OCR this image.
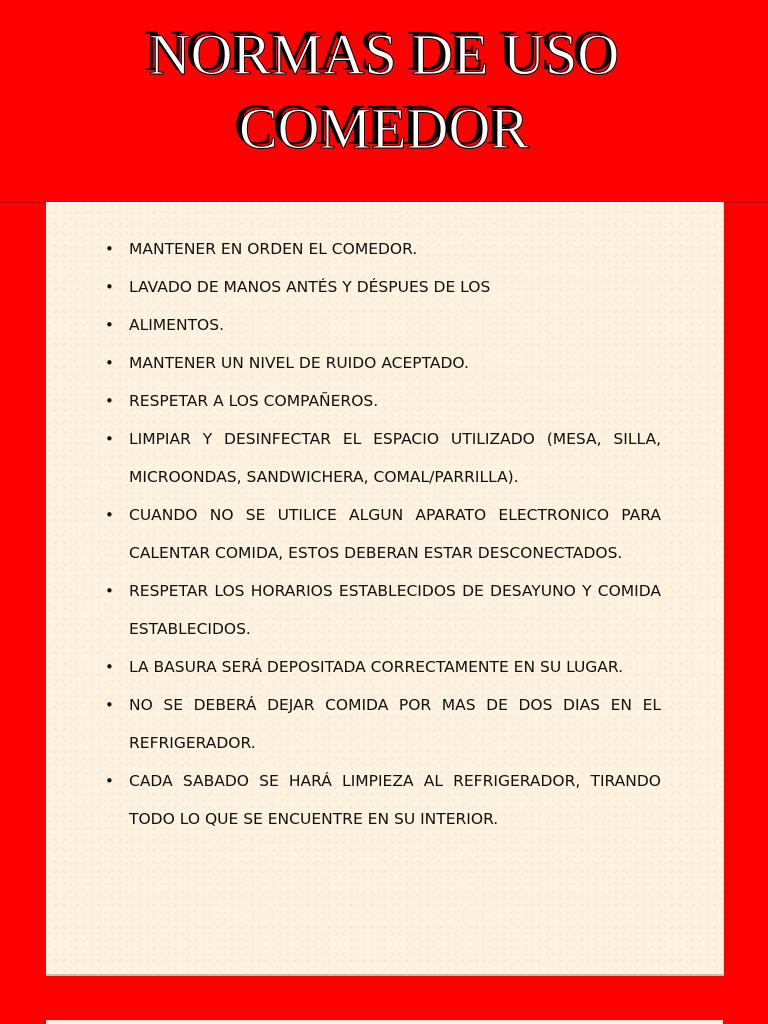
NORMAS DE USO
COMEDOR
• MANTENER EN ORDEN EL COMEDOR.
• LAVADO DE MANOS ANTÉS Y DÉSPUES DE LOS
• ALIMENTOS.
• MANTENER UN NIVEL DE RUIDO ACEPTADO.
• RESPETAR A LOS COMPAÑEROS.
• LIMPIAR Y DESINFECTAR EL ESPACIO UTILIZADO (MESA, SILLA, MICROONDAS, SANDWICHERA, COMAL/PARRILLA).
• CUANDO NO SE UTILICE ALGUN APARATO ELECTRONICO PARA CALENTAR COMIDA, ESTOS DEBERAN ESTAR DESCONECTADOS.
• RESPETAR LOS HORARIOS ESTABLECIDOS DE DESAYUNO Y COMIDA ESTABLECIDOS.
• LA BASURA SERÁ DEPOSITADA CORRECTAMENTE EN SU LUGAR.
• NO SE DEBERÁ DEJAR COMIDA POR MAS DE DOS DIAS EN EL REFRIGERADOR.
• CADA SABADO SE HARÁ LIMPIEZA AL REFRIGERADOR, TIRANDO TODO LO QUE SE ENCUENTRE EN SU INTERIOR.
